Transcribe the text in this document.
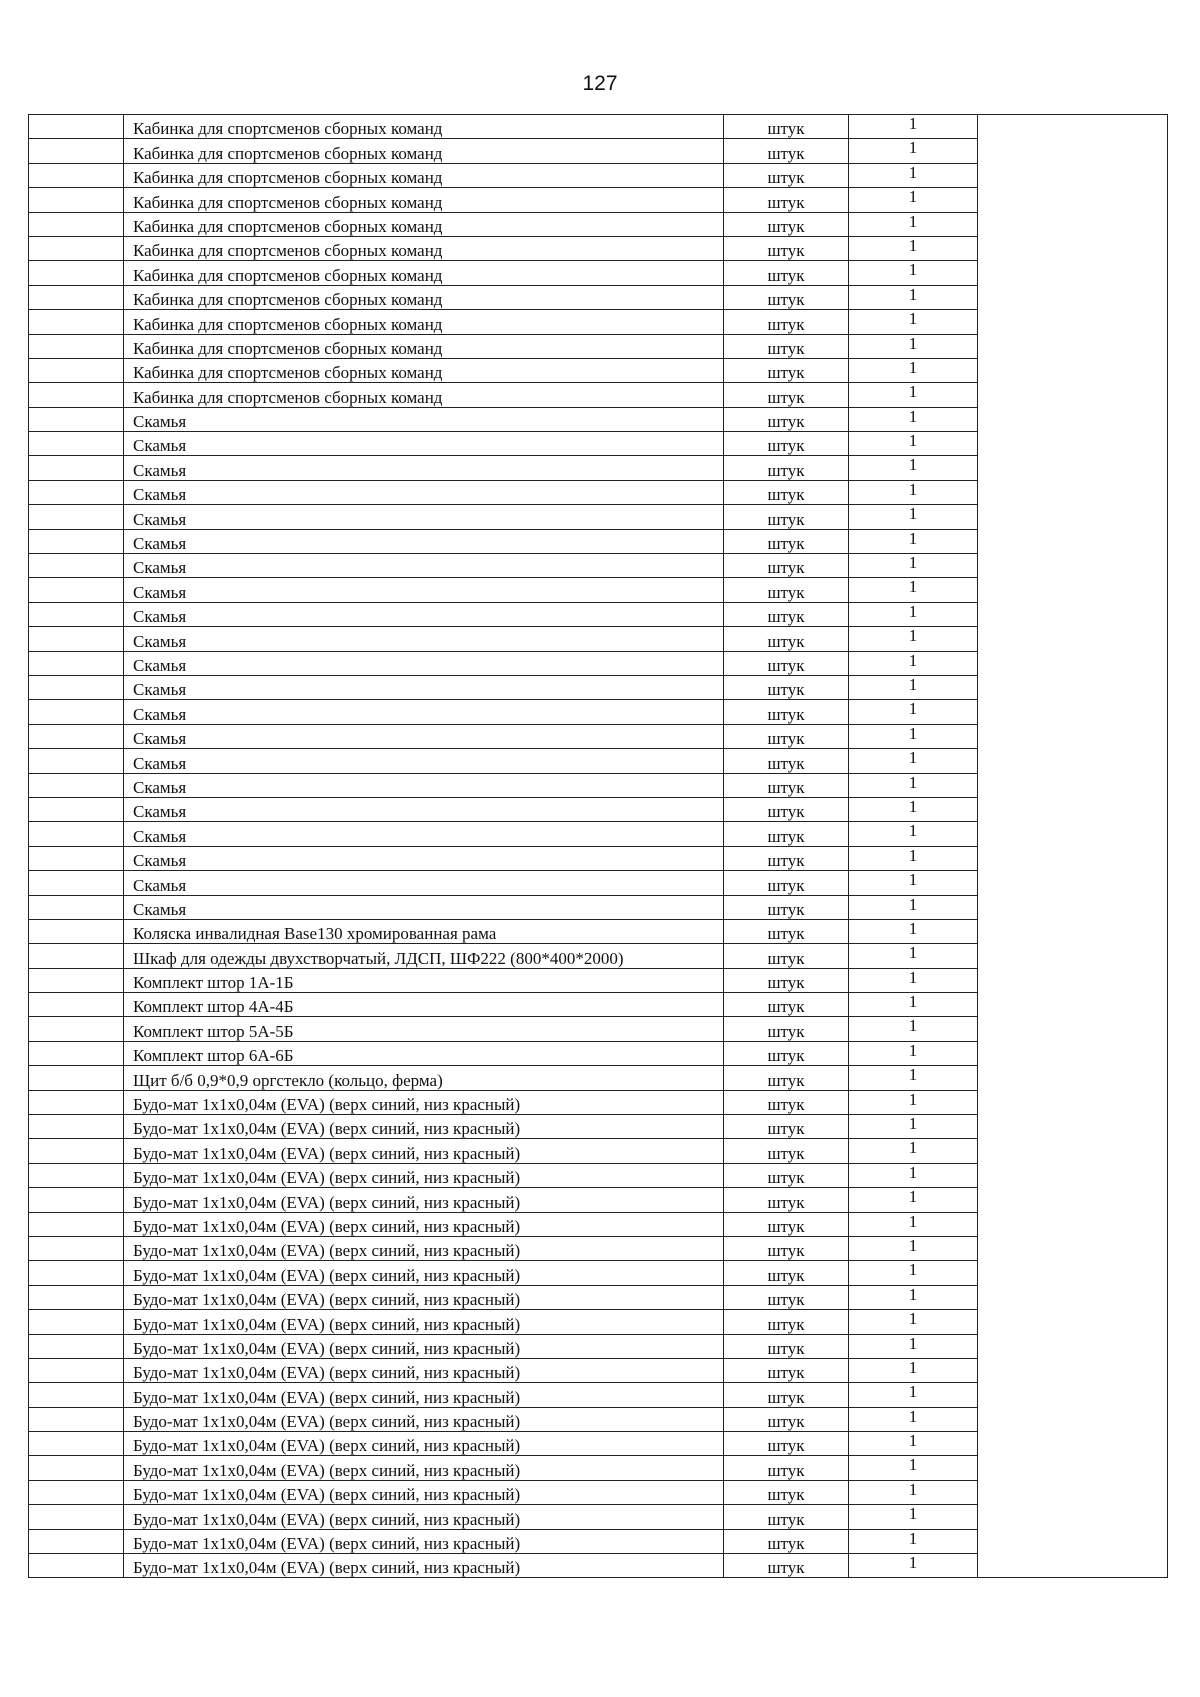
127
	Кабинка для спортсменов сборных команд	штук	1	
	Кабинка для спортсменов сборных команд	штук	1	
	Кабинка для спортсменов сборных команд	штук	1	
	Кабинка для спортсменов сборных команд	штук	1	
	Кабинка для спортсменов сборных команд	штук	1	
	Кабинка для спортсменов сборных команд	штук	1	
	Кабинка для спортсменов сборных команд	штук	1	
	Кабинка для спортсменов сборных команд	штук	1	
	Кабинка для спортсменов сборных команд	штук	1	
	Кабинка для спортсменов сборных команд	штук	1	
	Кабинка для спортсменов сборных команд	штук	1	
	Кабинка для спортсменов сборных команд	штук	1	
	Скамья	штук	1	
	Скамья	штук	1	
	Скамья	штук	1	
	Скамья	штук	1	
	Скамья	штук	1	
	Скамья	штук	1	
	Скамья	штук	1	
	Скамья	штук	1	
	Скамья	штук	1	
	Скамья	штук	1	
	Скамья	штук	1	
	Скамья	штук	1	
	Скамья	штук	1	
	Скамья	штук	1	
	Скамья	штук	1	
	Скамья	штук	1	
	Скамья	штук	1	
	Скамья	штук	1	
	Скамья	штук	1	
	Скамья	штук	1	
	Скамья	штук	1	
	Коляска инвалидная Base130 хромированная рама	штук	1	
	Шкаф для одежды двухстворчатый, ЛДСП, ШФ222 (800*400*2000)	штук	1	
	Комплект штор 1А-1Б	штук	1	
	Комплект штор 4А-4Б	штук	1	
	Комплект штор 5А-5Б	штук	1	
	Комплект штор 6А-6Б	штук	1	
	Щит б/б 0,9*0,9 оргстекло (кольцо, ферма)	штук	1	
	Будо-мат 1х1х0,04м (EVA) (верх синий, низ красный)	штук	1	
	Будо-мат 1х1х0,04м (EVA) (верх синий, низ красный)	штук	1	
	Будо-мат 1х1х0,04м (EVA) (верх синий, низ красный)	штук	1	
	Будо-мат 1х1х0,04м (EVA) (верх синий, низ красный)	штук	1	
	Будо-мат 1х1х0,04м (EVA) (верх синий, низ красный)	штук	1	
	Будо-мат 1х1х0,04м (EVA) (верх синий, низ красный)	штук	1	
	Будо-мат 1х1х0,04м (EVA) (верх синий, низ красный)	штук	1	
	Будо-мат 1х1х0,04м (EVA) (верх синий, низ красный)	штук	1	
	Будо-мат 1х1х0,04м (EVA) (верх синий, низ красный)	штук	1	
	Будо-мат 1х1х0,04м (EVA) (верх синий, низ красный)	штук	1	
	Будо-мат 1х1х0,04м (EVA) (верх синий, низ красный)	штук	1	
	Будо-мат 1х1х0,04м (EVA) (верх синий, низ красный)	штук	1	
	Будо-мат 1х1х0,04м (EVA) (верх синий, низ красный)	штук	1	
	Будо-мат 1х1х0,04м (EVA) (верх синий, низ красный)	штук	1	
	Будо-мат 1х1х0,04м (EVA) (верх синий, низ красный)	штук	1	
	Будо-мат 1х1х0,04м (EVA) (верх синий, низ красный)	штук	1	
	Будо-мат 1х1х0,04м (EVA) (верх синий, низ красный)	штук	1	
	Будо-мат 1х1х0,04м (EVA) (верх синий, низ красный)	штук	1	
	Будо-мат 1х1х0,04м (EVA) (верх синий, низ красный)	штук	1	
	Будо-мат 1х1х0,04м (EVA) (верх синий, низ красный)	штук	1	
